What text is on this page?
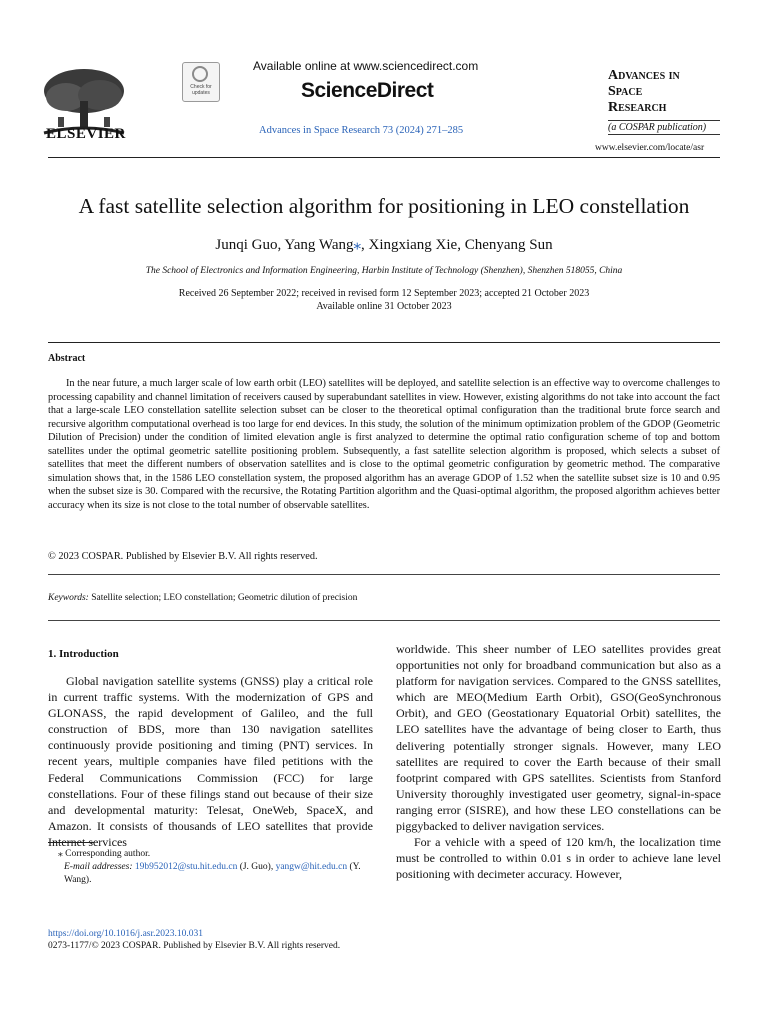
ELSEVIER
Check for updates
Available online at www.sciencedirect.com
ScienceDirect
Advances in Space Research 73 (2024) 271–285
Advances in
Space
Research
(a COSPAR publication)
www.elsevier.com/locate/asr
A fast satellite selection algorithm for positioning in LEO constellation
Junqi Guo, Yang Wang⁎, Xingxiang Xie, Chenyang Sun
The School of Electronics and Information Engineering, Harbin Institute of Technology (Shenzhen), Shenzhen 518055, China
Received 26 September 2022; received in revised form 12 September 2023; accepted 21 October 2023
Available online 31 October 2023
Abstract

In the near future, a much larger scale of low earth orbit (LEO) satellites will be deployed, and satellite selection is an effective way to overcome challenges to processing capability and channel limitation of receivers caused by superabundant satellites in view. However, existing algorithms do not take into account the fact that a large-scale LEO constellation satellite selection subset can be closer to the theoretical optimal configuration than the traditional brute force search and recursive algorithm computational overhead is too large for end devices. In this study, the solution of the minimum optimization problem of the GDOP (Geometric Dilution of Precision) under the condition of limited elevation angle is first analyzed to determine the optimal ratio configuration scheme of top and bottom satellites under the optimal geometric satellite positioning problem. Subsequently, a fast satellite selection algorithm is proposed, which selects a subset of satellites that meet the different numbers of observation satellites and is close to the optimal geometric configuration by geometric method. The comparative simulation shows that, in the 1586 LEO constellation system, the proposed algorithm has an average GDOP of 1.52 when the satellite subset size is 10 and 0.95 when the subset size is 30. Compared with the recursive, the Rotating Partition algorithm and the Quasi-optimal algorithm, the proposed algorithm achieves better accuracy when its size is not close to the total number of observable satellites.

© 2023 COSPAR. Published by Elsevier B.V. All rights reserved.
Keywords: Satellite selection; LEO constellation; Geometric dilution of precision
1. Introduction

Global navigation satellite systems (GNSS) play a critical role in current traffic systems. With the modernization of GPS and GLONASS, the rapid development of Galileo, and the full construction of BDS, more than 130 navigation satellites continuously provide positioning and timing (PNT) services. In recent years, multiple companies have filed petitions with the Federal Communications Commission (FCC) for large constellations. Four of these filings stand out because of their size and developmental maturity: Telesat, OneWeb, SpaceX, and Amazon. It consists of thousands of LEO satellites that provide Internet services

worldwide. This sheer number of LEO satellites provides great opportunities not only for broadband communication but also as a platform for navigation services. Compared to the GNSS satellites, which are MEO(Medium Earth Orbit), GSO(GeoSynchronous Orbit), and GEO (Geostationary Equatorial Orbit) satellites, the LEO satellites have the advantage of being closer to Earth, thus delivering potentially stronger signals. However, many LEO satellites are required to cover the Earth because of their small footprint compared with GPS satellites. Scientists from Stanford University thoroughly investigated user geometry, signal-in-space ranging error (SISRE), and how these LEO constellations can be piggybacked to deliver navigation services.

For a vehicle with a speed of 120 km/h, the localization time must be controlled to within 0.01 s in order to achieve lane level positioning with decimeter accuracy. However,

⁎ Corresponding author.
E-mail addresses: 19b952012@stu.hit.edu.cn (J. Guo), yangw@hit.edu.cn (Y. Wang).
https://doi.org/10.1016/j.asr.2023.10.031
0273-1177/© 2023 COSPAR. Published by Elsevier B.V. All rights reserved.
